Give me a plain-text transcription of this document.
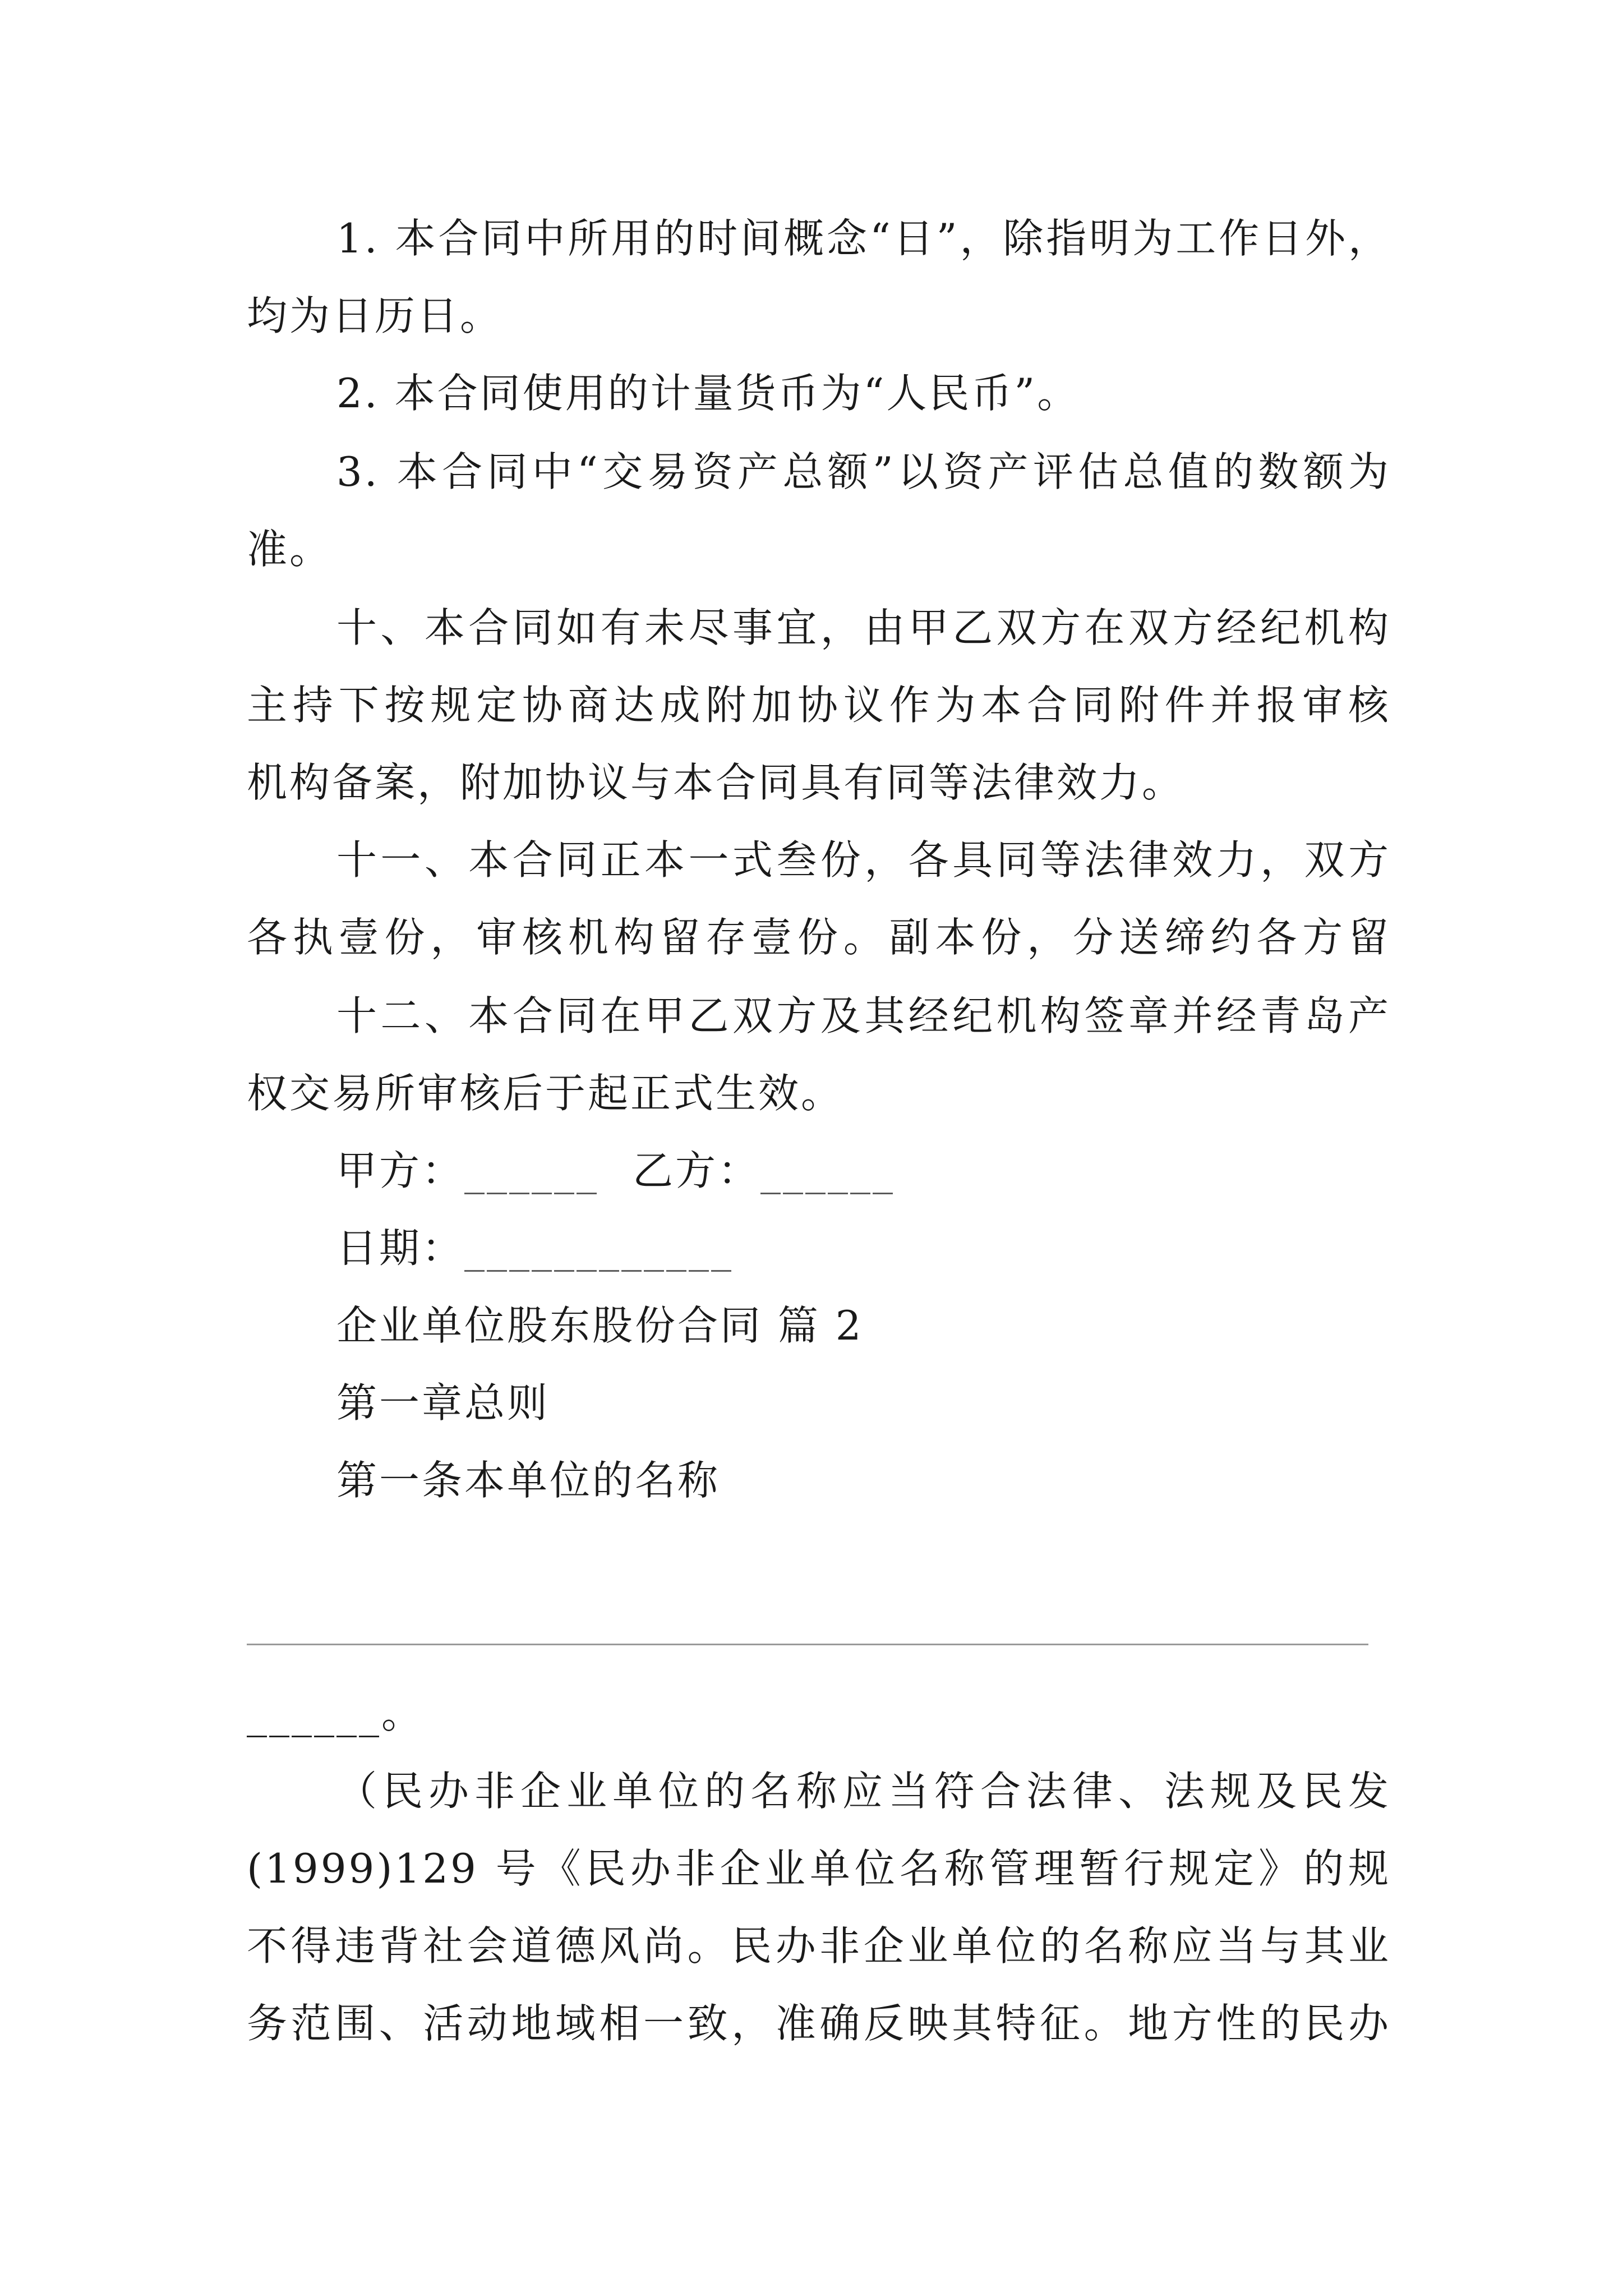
1. 本合同中所用的时间概念“日”，除指明为工作日外，
均为日历日。
2. 本合同使用的计量货币为“人民币”。
3. 本合同中“交易资产总额”以资产评估总值的数额为
准。
十、本合同如有未尽事宜，由甲乙双方在双方经纪机构
主持下按规定协商达成附加协议作为本合同附件并报审核
机构备案，附加协议与本合同具有同等法律效力。
十一、本合同正本一式叁份，各具同等法律效力，双方
各执壹份，审核机构留存壹份。副本份，分送缔约各方留
十二、本合同在甲乙双方及其经纪机构签章并经青岛产
权交易所审核后于起正式生效。
甲方：______ 乙方：______
日期：____________
企业单位股东股份合同 篇 2
第一章总则
第一条本单位的名称
______。
（民办非企业单位的名称应当符合法律、法规及民发
(1999)129 号《民办非企业单位名称管理暂行规定》的规
不得违背社会道德风尚。民办非企业单位的名称应当与其业
务范围、活动地域相一致，准确反映其特征。地方性的民办
